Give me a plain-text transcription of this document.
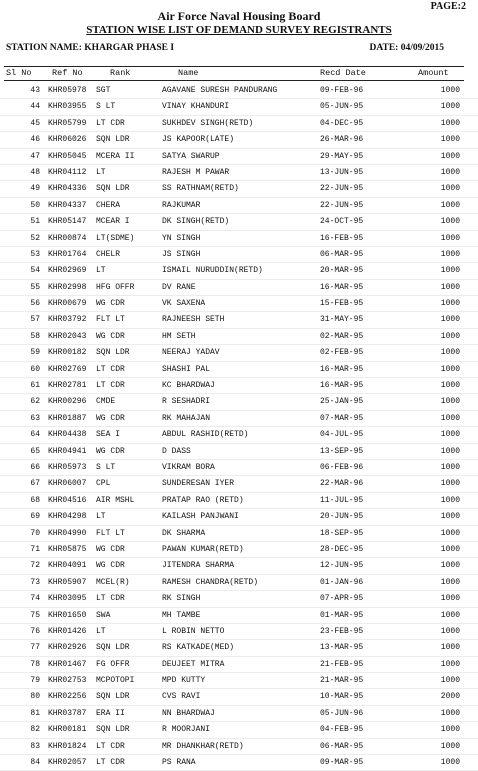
PAGE:2
Air Force Naval Housing Board
STATION WISE LIST OF DEMAND SURVEY REGISTRANTS
STATION NAME: KHARGAR PHASE I	DATE: 04/09/2015
Sl No Ref No	Rank	Name	Recd Date	Amount
43 KHR05978 SGT	AGAVANE SURESH PANDURANG	09-FEB-96	1000
44 KHR03955 S LT	VINAY KHANDURI	05-JUN-95	1000
45 KHR05799 LT CDR	SUKHDEV SINGH(RETD)	04-DEC-95	1000
46 KHR06026 SQN LDR	JS KAPOOR(LATE)	26-MAR-96	1000
47 KHR05045 MCERA II	SATYA SWARUP	29-MAY-95	1000
48 KHR04112 LT	RAJESH M PAWAR	13-JUN-95	1000
49 KHR04336 SQN LDR	SS RATHNAM(RETD)	22-JUN-95	1000
50 KHR04337 CHERA	RAJKUMAR	22-JUN-95	1000
51 KHR05147 MCEAR I	DK SINGH(RETD)	24-OCT-95	1000
52 KHR00874 LT(SDME)	YN SINGH	16-FEB-95	1000
53 KHR01764 CHELR	JS SINGH	06-MAR-95	1000
54 KHR02969 LT	ISMAIL NURUDDIN(RETD)	20-MAR-95	1000
55 KHR02998 HFG OFFR	DV RANE	16-MAR-95	1000
56 KHR00679 WG CDR	VK SAXENA	15-FEB-95	1000
57 KHR03792 FLT LT	RAJNEESH SETH	31-MAY-95	1000
58 KHR02043 WG CDR	HM SETH	02-MAR-95	1000
59 KHR00182 SQN LDR	NEERAJ YADAV	02-FEB-95	1000
60 KHR02769 LT CDR	SHASHI PAL	16-MAR-95	1000
61 KHR02781 LT CDR	KC BHARDWAJ	16-MAR-95	1000
62 KHR00296 CMDE	R SESHADRI	25-JAN-95	1000
63 KHR01887 WG CDR	RK MAHAJAN	07-MAR-95	1000
64 KHR04438 SEA I	ABDUL RASHID(RETD)	04-JUL-95	1000
65 KHR04941 WG CDR	D DASS	13-SEP-95	1000
66 KHR05973 S LT	VIKRAM BORA	06-FEB-96	1000
67 KHR06007 CPL	SUNDERESAN IYER	22-MAR-96	1000
68 KHR04516 AIR MSHL	PRATAP RAO (RETD)	11-JUL-95	1000
69 KHR04298 LT	KAILASH PANJWANI	20-JUN-95	1000
70 KHR04990 FLT LT	DK SHARMA	18-SEP-95	1000
71 KHR05875 WG CDR	PAWAN KUMAR(RETD)	28-DEC-95	1000
72 KHR04091 WG CDR	JITENDRA SHARMA	12-JUN-95	1000
73 KHR05907 MCEL(R)	RAMESH CHANDRA(RETD)	01-JAN-96	1000
74 KHR03095 LT CDR	RK SINGH	07-APR-95	1000
75 KHR01650 SWA	MH TAMBE	01-MAR-95	1000
76 KHR01426 LT	L ROBIN NETTO	23-FEB-95	1000
77 KHR02926 SQN LDR	RS KATKADE(MED)	13-MAR-95	1000
78 KHR01467 FG OFFR	DEUJEET MITRA	21-FEB-95	1000
79 KHR02753 MCPOTOPI	MPD KUTTY	21-MAR-95	1000
80 KHR02256 SQN LDR	CVS RAVI	10-MAR-95	2000
81 KHR03787 ERA II	NN BHARDWAJ	05-JUN-96	1000
82 KHR00181 SQN LDR	R MOORJANI	04-FEB-95	1000
83 KHR01824 LT CDR	MR DHANKHAR(RETD)	06-MAR-95	1000
84 KHR02057 LT CDR	PS RANA	09-MAR-95	1000
